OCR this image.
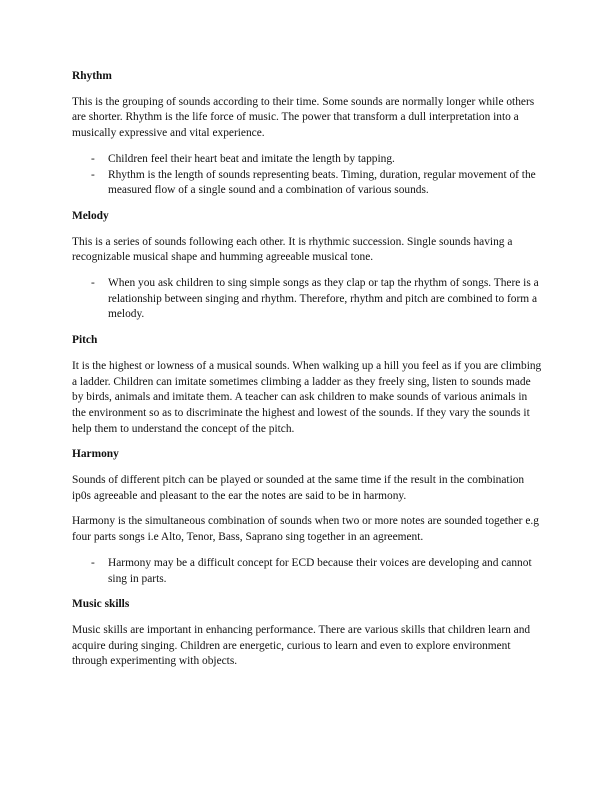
Rhythm

This is the grouping of sounds according to their time. Some sounds are normally longer while others are shorter. Rhythm is the life force of music. The power that transform a dull interpretation into a musically expressive and vital experience.

- Children feel their heart beat and imitate the length by tapping.
- Rhythm is the length of sounds representing beats. Timing, duration, regular movement of the measured flow of a single sound and a combination of various sounds.
Melody

This is a series of sounds following each other. It is rhythmic succession. Single sounds having a recognizable musical shape and humming agreeable musical tone.

- When you ask children to sing simple songs as they clap or tap the rhythm of songs. There is a relationship between singing and rhythm. Therefore, rhythm and pitch are combined to form a melody.
Pitch

It is the highest or lowness of a musical sounds. When walking up a hill you feel as if you are climbing a ladder. Children can imitate sometimes climbing a ladder as they freely sing, listen to sounds made by birds, animals and imitate them. A teacher can ask children to make sounds of various animals in the environment so as to discriminate the highest and lowest of the sounds. If they vary the sounds it help them to understand the concept of the pitch.

Harmony

Sounds of different pitch can be played or sounded at the same time if the result in the combination ip0s agreeable and pleasant to the ear the notes are said to be in harmony.

Harmony is the simultaneous combination of sounds when two or more notes are sounded together e.g four parts songs i.e Alto, Tenor, Bass, Saprano sing together in an agreement.

- Harmony may be a difficult concept for ECD because their voices are developing and cannot sing in parts.
Music skills

Music skills are important in enhancing performance. There are various skills that children learn and acquire during singing. Children are energetic, curious to learn and even to explore environment through experimenting with objects.
